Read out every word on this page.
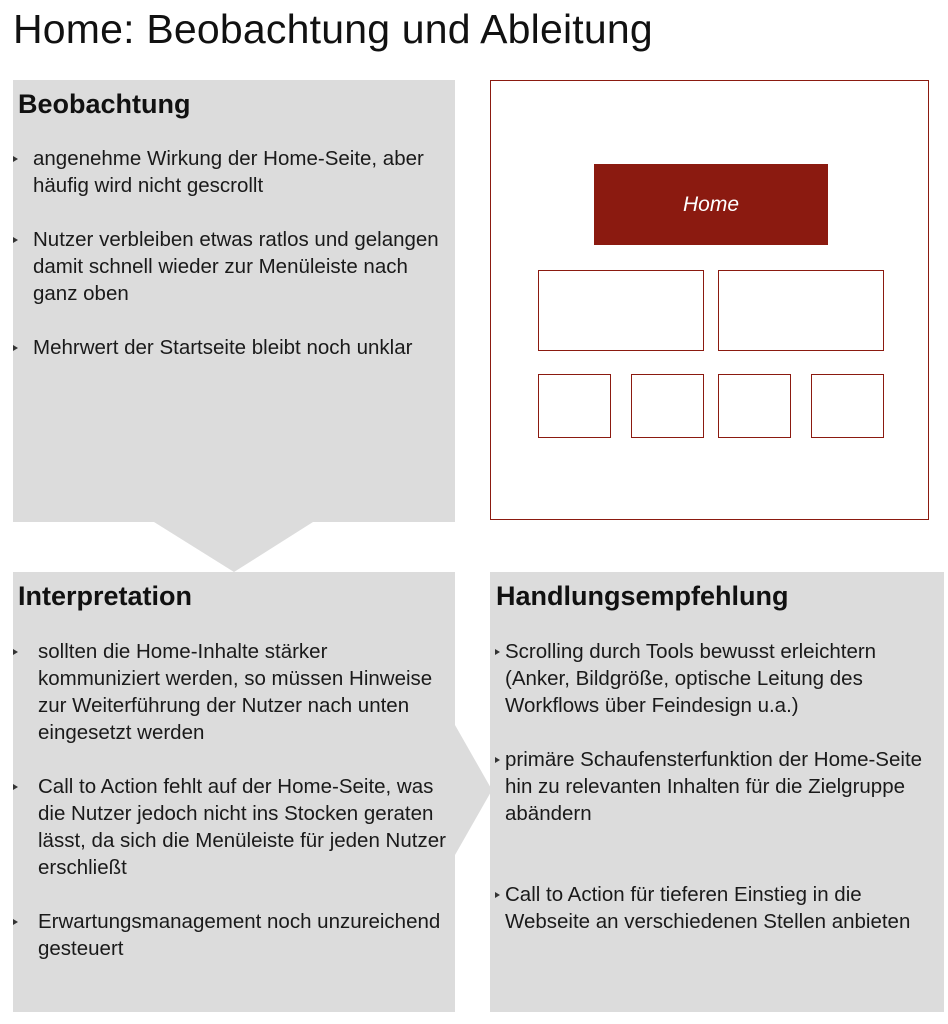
Home: Beobachtung und Ableitung
Beobachtung
angenehme Wirkung der Home-Seite, aber häufig wird nicht gescrollt
Nutzer verbleiben etwas ratlos und gelangen damit schnell wieder zur Menüleiste nach ganz oben
Mehrwert der Startseite bleibt noch unklar
Home
Interpretation
sollten die Home-Inhalte stärker kommuniziert werden, so müssen Hinweise zur Weiterführung der Nutzer nach unten eingesetzt werden
Call to Action fehlt auf der Home-Seite, was die Nutzer jedoch nicht ins Stocken geraten lässt, da sich die Menüleiste für jeden Nutzer erschließt
Erwartungsmanagement noch unzureichend gesteuert
Handlungsempfehlung
Scrolling durch Tools bewusst erleichtern (Anker, Bildgröße, optische Leitung des Workflows über Feindesign u.a.)
primäre Schaufensterfunktion der Home-Seite hin zu relevanten Inhalten für die Zielgruppe abändern
Call to Action für tieferen Einstieg in die Webseite an verschiedenen Stellen anbieten
